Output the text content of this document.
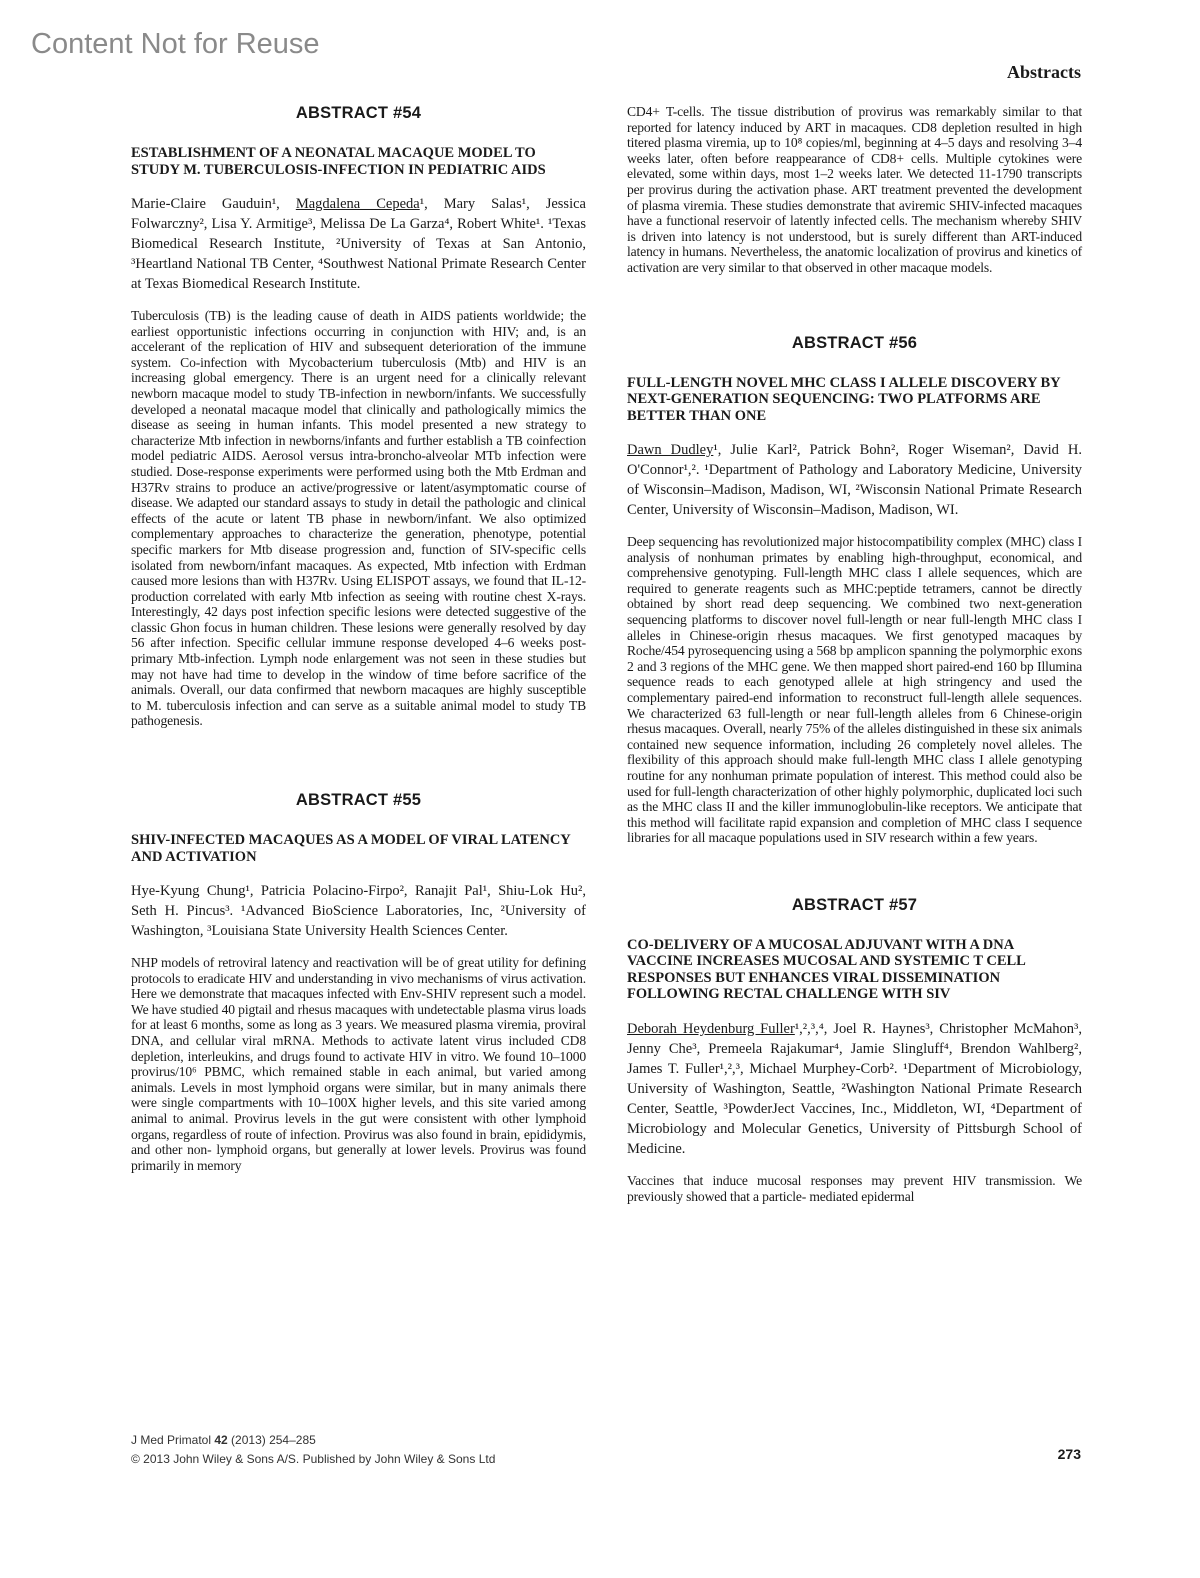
Content Not for Reuse
Abstracts
ABSTRACT #54
ESTABLISHMENT OF A NEONATAL MACAQUE MODEL TO STUDY M. TUBERCULOSIS-INFECTION IN PEDIATRIC AIDS
Marie-Claire Gauduin¹, Magdalena Cepeda¹, Mary Salas¹, Jessica Folwarczny², Lisa Y. Armitige³, Melissa De La Garza⁴, Robert White¹. ¹Texas Biomedical Research Institute, ²University of Texas at San Antonio, ³Heartland National TB Center, ⁴Southwest National Primate Research Center at Texas Biomedical Research Institute.
Tuberculosis (TB) is the leading cause of death in AIDS patients worldwide; the earliest opportunistic infections occurring in conjunction with HIV; and, is an accelerant of the replication of HIV and subsequent deterioration of the immune system. Co-infection with Mycobacterium tuberculosis (Mtb) and HIV is an increasing global emergency. There is an urgent need for a clinically relevant newborn macaque model to study TB-infection in newborn/infants. We successfully developed a neonatal macaque model that clinically and pathologically mimics the disease as seeing in human infants. This model presented a new strategy to characterize Mtb infection in newborns/infants and further establish a TB coinfection model pediatric AIDS. Aerosol versus intra-broncho-alveolar MTb infection were studied. Dose-response experiments were performed using both the Mtb Erdman and H37Rv strains to produce an active/progressive or latent/asymptomatic course of disease. We adapted our standard assays to study in detail the pathologic and clinical effects of the acute or latent TB phase in newborn/infant. We also optimized complementary approaches to characterize the generation, phenotype, potential specific markers for Mtb disease progression and, function of SIV-specific cells isolated from newborn/infant macaques. As expected, Mtb infection with Erdman caused more lesions than with H37Rv. Using ELISPOT assays, we found that IL-12-production correlated with early Mtb infection as seeing with routine chest X-rays. Interestingly, 42 days post infection specific lesions were detected suggestive of the classic Ghon focus in human children. These lesions were generally resolved by day 56 after infection. Specific cellular immune response developed 4–6 weeks post-primary Mtb-infection. Lymph node enlargement was not seen in these studies but may not have had time to develop in the window of time before sacrifice of the animals. Overall, our data confirmed that newborn macaques are highly susceptible to M. tuberculosis infection and can serve as a suitable animal model to study TB pathogenesis.
ABSTRACT #55
SHIV-INFECTED MACAQUES AS A MODEL OF VIRAL LATENCY AND ACTIVATION
Hye-Kyung Chung¹, Patricia Polacino-Firpo², Ranajit Pal¹, Shiu-Lok Hu², Seth H. Pincus³. ¹Advanced BioScience Laboratories, Inc, ²University of Washington, ³Louisiana State University Health Sciences Center.
NHP models of retroviral latency and reactivation will be of great utility for defining protocols to eradicate HIV and understanding in vivo mechanisms of virus activation. Here we demonstrate that macaques infected with Env-SHIV represent such a model. We have studied 40 pigtail and rhesus macaques with undetectable plasma virus loads for at least 6 months, some as long as 3 years. We measured plasma viremia, proviral DNA, and cellular viral mRNA. Methods to activate latent virus included CD8 depletion, interleukins, and drugs found to activate HIV in vitro. We found 10–1000 provirus/10⁶ PBMC, which remained stable in each animal, but varied among animals. Levels in most lymphoid organs were similar, but in many animals there were single compartments with 10–100X higher levels, and this site varied among animal to animal. Provirus levels in the gut were consistent with other lymphoid organs, regardless of route of infection. Provirus was also found in brain, epididymis, and other non- lymphoid organs, but generally at lower levels. Provirus was found primarily in memory
CD4+ T-cells. The tissue distribution of provirus was remarkably similar to that reported for latency induced by ART in macaques. CD8 depletion resulted in high titered plasma viremia, up to 10⁸ copies/ml, beginning at 4–5 days and resolving 3–4 weeks later, often before reappearance of CD8+ cells. Multiple cytokines were elevated, some within days, most 1–2 weeks later. We detected 11-1790 transcripts per provirus during the activation phase. ART treatment prevented the development of plasma viremia. These studies demonstrate that aviremic SHIV-infected macaques have a functional reservoir of latently infected cells. The mechanism whereby SHIV is driven into latency is not understood, but is surely different than ART-induced latency in humans. Nevertheless, the anatomic localization of provirus and kinetics of activation are very similar to that observed in other macaque models.
ABSTRACT #56
FULL-LENGTH NOVEL MHC CLASS I ALLELE DISCOVERY BY NEXT-GENERATION SEQUENCING: TWO PLATFORMS ARE BETTER THAN ONE
Dawn Dudley¹, Julie Karl², Patrick Bohn², Roger Wiseman², David H. O'Connor¹,². ¹Department of Pathology and Laboratory Medicine, University of Wisconsin–Madison, Madison, WI, ²Wisconsin National Primate Research Center, University of Wisconsin–Madison, Madison, WI.
Deep sequencing has revolutionized major histocompatibility complex (MHC) class I analysis of nonhuman primates by enabling high-throughput, economical, and comprehensive genotyping. Full-length MHC class I allele sequences, which are required to generate reagents such as MHC:peptide tetramers, cannot be directly obtained by short read deep sequencing. We combined two next-generation sequencing platforms to discover novel full-length or near full-length MHC class I alleles in Chinese-origin rhesus macaques. We first genotyped macaques by Roche/454 pyrosequencing using a 568 bp amplicon spanning the polymorphic exons 2 and 3 regions of the MHC gene. We then mapped short paired-end 160 bp Illumina sequence reads to each genotyped allele at high stringency and used the complementary paired-end information to reconstruct full-length allele sequences. We characterized 63 full-length or near full-length alleles from 6 Chinese-origin rhesus macaques. Overall, nearly 75% of the alleles distinguished in these six animals contained new sequence information, including 26 completely novel alleles. The flexibility of this approach should make full-length MHC class I allele genotyping routine for any nonhuman primate population of interest. This method could also be used for full-length characterization of other highly polymorphic, duplicated loci such as the MHC class II and the killer immunoglobulin-like receptors. We anticipate that this method will facilitate rapid expansion and completion of MHC class I sequence libraries for all macaque populations used in SIV research within a few years.
ABSTRACT #57
CO-DELIVERY OF A MUCOSAL ADJUVANT WITH A DNA VACCINE INCREASES MUCOSAL AND SYSTEMIC T CELL RESPONSES BUT ENHANCES VIRAL DISSEMINATION FOLLOWING RECTAL CHALLENGE WITH SIV
Deborah Heydenburg Fuller¹,²,³,⁴, Joel R. Haynes³, Christopher McMahon³, Jenny Che³, Premeela Rajakumar⁴, Jamie Slingluff⁴, Brendon Wahlberg², James T. Fuller¹,²,³, Michael Murphey-Corb². ¹Department of Microbiology, University of Washington, Seattle, ²Washington National Primate Research Center, Seattle, ³PowderJect Vaccines, Inc., Middleton, WI, ⁴Department of Microbiology and Molecular Genetics, University of Pittsburgh School of Medicine.
Vaccines that induce mucosal responses may prevent HIV transmission. We previously showed that a particle- mediated epidermal
J Med Primatol 42 (2013) 254–285
© 2013 John Wiley & Sons A/S. Published by John Wiley & Sons Ltd	273
